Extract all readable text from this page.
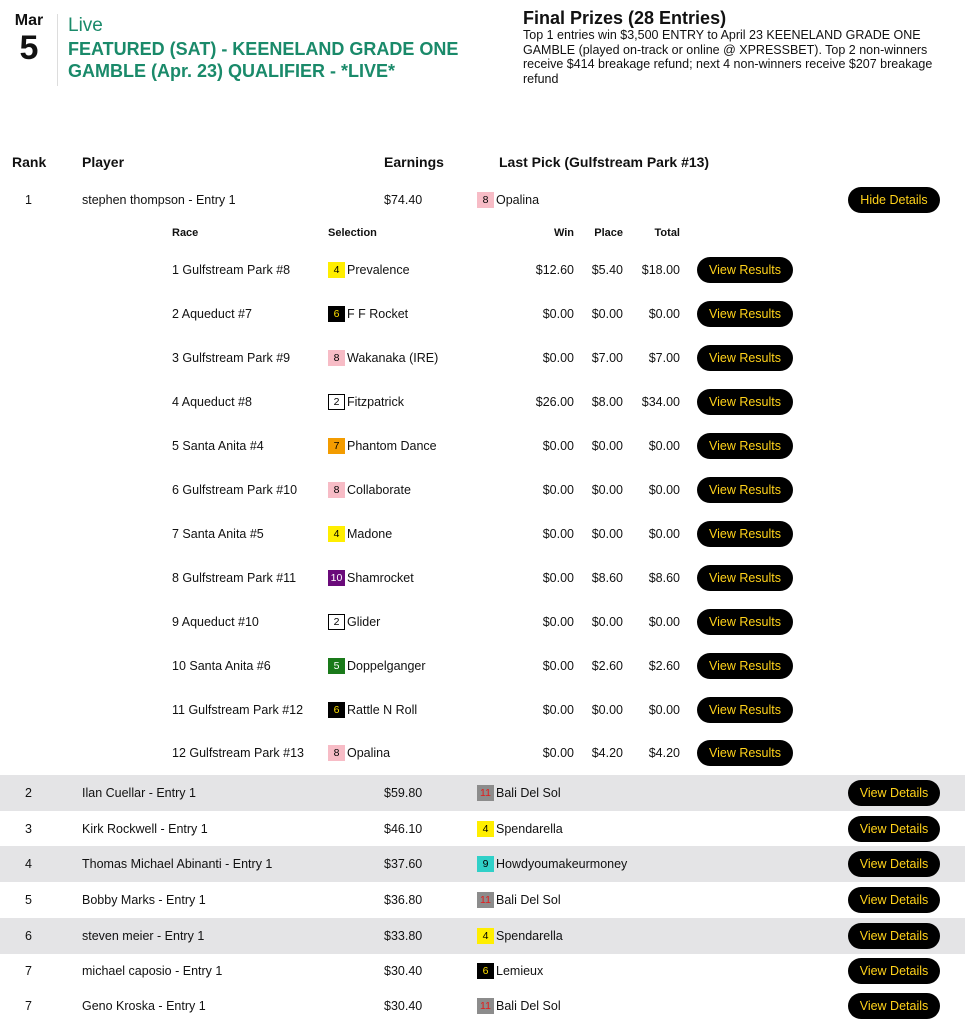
Mar
5
Live
FEATURED (SAT) - KEENELAND GRADE ONE GAMBLE (Apr. 23) QUALIFIER - *LIVE*
Final Prizes (28 Entries)
Top 1 entries win $3,500 ENTRY to April 23 KEENELAND GRADE ONE GAMBLE (played on-track or online @ XPRESSBET). Top 2 non-winners receive $414 breakage refund; next 4 non-winners receive $207 breakage refund
Rank	Player	Earnings	Last Pick (Gulfstream Park #13)
1	stephen thompson - Entry 1	$74.40	8 Opalina	Hide Details
Race	Selection	Win Place	Total
1 Gulfstream Park #8	4 Prevalence	$12.60 $5.40 $18.00	View Results
2 Aqueduct #7	6 F F Rocket	$0.00 $0.00 $0.00	View Results
3 Gulfstream Park #9	8 Wakanaka (IRE)	$0.00 $7.00 $7.00	View Results
4 Aqueduct #8	2 Fitzpatrick	$26.00 $8.00 $34.00	View Results
5 Santa Anita #4	7 Phantom Dance	$0.00 $0.00 $0.00	View Results
6 Gulfstream Park #10	8 Collaborate	$0.00 $0.00 $0.00	View Results
7 Santa Anita #5	4 Madone	$0.00 $0.00 $0.00	View Results
8 Gulfstream Park #11	10 Shamrocket	$0.00 $8.60 $8.60	View Results
9 Aqueduct #10	2 Glider	$0.00 $0.00 $0.00	View Results
10 Santa Anita #6	5 Doppelganger	$0.00 $2.60 $2.60	View Results
11 Gulfstream Park #12	6 Rattle N Roll	$0.00 $0.00 $0.00	View Results
12 Gulfstream Park #13	8 Opalina	$0.00 $4.20 $4.20	View Results
2	Ilan Cuellar - Entry 1	$59.80	11 Bali Del Sol	View Details
3	Kirk Rockwell - Entry 1	$46.10	4 Spendarella	View Details
4	Thomas Michael Abinanti - Entry 1	$37.60	9 Howdyoumakeurmoney	View Details
5	Bobby Marks - Entry 1	$36.80	11 Bali Del Sol	View Details
6	steven meier - Entry 1	$33.80	4 Spendarella	View Details
7	michael caposio - Entry 1	$30.40	6 Lemieux	View Details
7	Geno Kroska - Entry 1	$30.40	11 Bali Del Sol	View Details
